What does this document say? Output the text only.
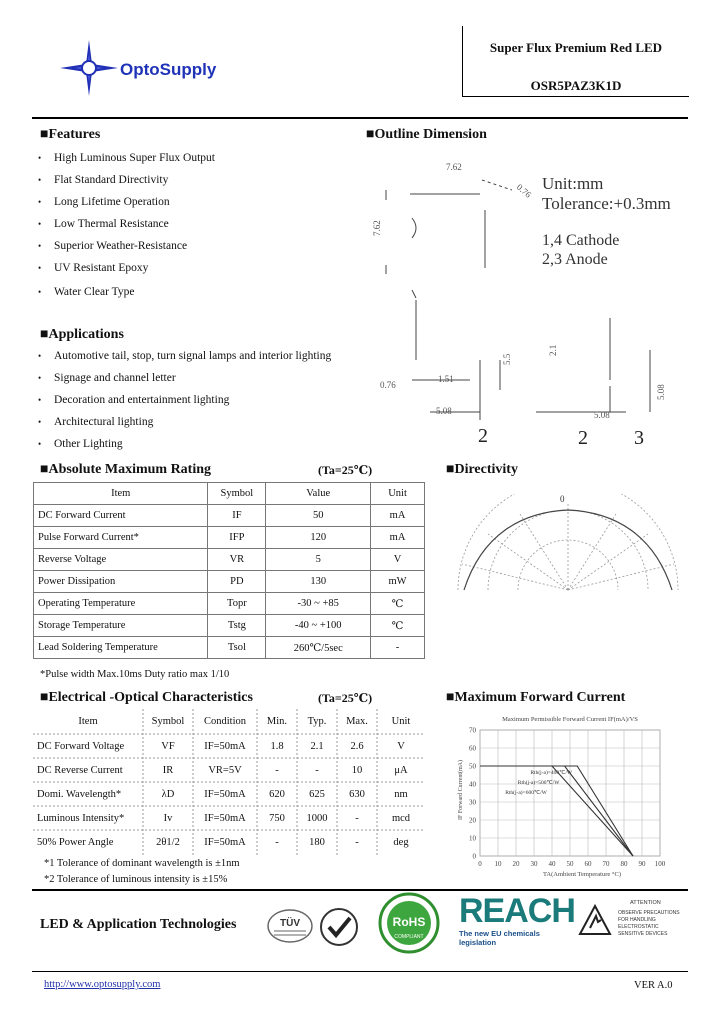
OptoSupply
Super Flux Premium Red LED
OSR5PAZ3K1D
■Features
• High Luminous Super Flux Output
• Flat Standard Directivity
• Long Lifetime Operation
• Low Thermal Resistance
• Superior Weather-Resistance
• UV Resistant Epoxy
• Water Clear Type
■Outline Dimension
7.62
7.62
0.76
1.51
0.76
5.08	5.08
5.08
2.1
5.5
2	2 3
Unit:mm
Tolerance:+0.3mm
1,4 Cathode
2,3 Anode
■Applications
• Automotive tail, stop, turn signal lamps and interior lighting
• Signage and channel letter
• Decoration and entertainment lighting
• Architectural lighting
• Other Lighting
■Absolute Maximum Rating	(Ta=25℃)
Item	Symbol	Value	Unit
DC Forward Current	IF	50	mA
Pulse Forward Current*	IFP	120	mA
Reverse Voltage	VR	5	V
Power Dissipation	PD	130	mW
Operating Temperature	Topr	-30 ~ +85	℃
Storage Temperature	Tstg	-40 ~ +100	℃
Lead Soldering Temperature	Tsol	260℃/5sec	-
*Pulse width Max.10ms Duty ratio max 1/10
■Directivity
0
■Electrical -Optical Characteristics	(Ta=25℃)
Item	Symbol	Condition	Min.	Typ.	Max.	Unit
DC Forward Voltage	VF	IF=50mA	1.8	2.1	2.6	V
DC Reverse Current	IR	VR=5V	-	-	10	μA
Domi. Wavelength*	λD	IF=50mA	620	625	630	nm
Luminous Intensity*	Iv	IF=50mA	750	1000	-	mcd
50% Power Angle	2θ1/2	IF=50mA	-	180	-	deg
*1 Tolerance of dominant wavelength is ±1nm
*2 Tolerance of luminous intensity is ±15%
■Maximum Forward Current
Maximum Permissible Forward Current IF(mA)/VS
IF Forward Current(mA)
TA(Ambient Temperature °C)
0 10 20 30 40 50 60 70 80 90 100
0
10
20
30
40
50
60
70
Rth(j-a)=400℃/W
Rth(j-a)=500℃/W
Rth(j-a)=600℃/W
LED & Application Technologies	TÜV	RoHS
COMPLIANT
REACH
The new EU chemicals legislation
ATTENTION
OBSERVE PRECAUTIONS
FOR HANDLING
ELECTROSTATIC
SENSITIVE DEVICES
http://www.optosupply.com	VER A.0
